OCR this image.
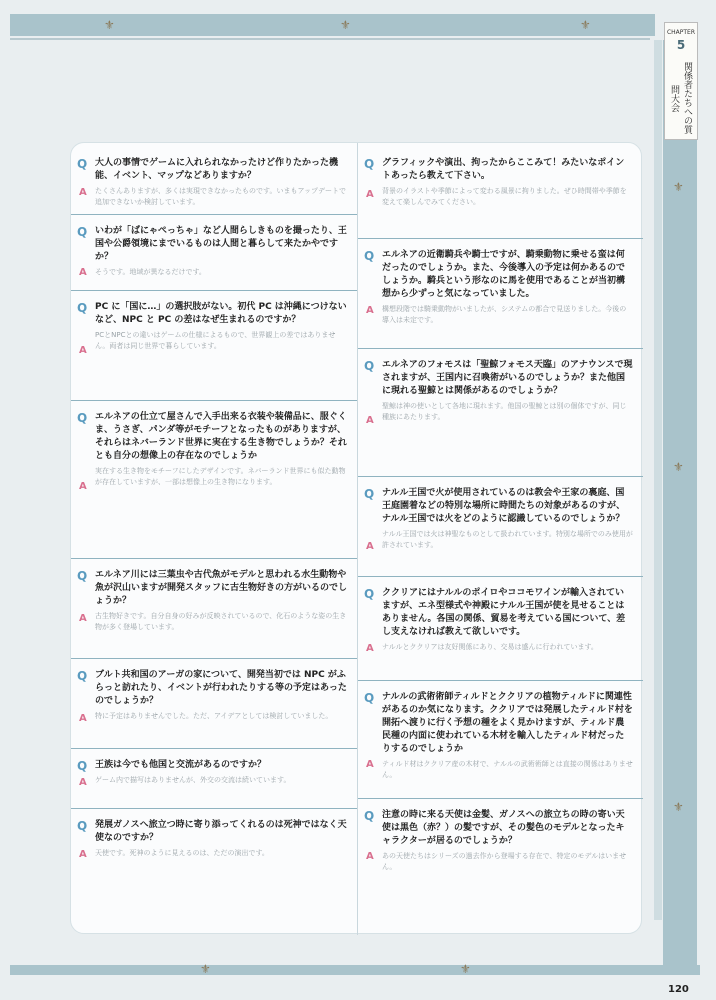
⚜	⚜	⚜
⚜
⚜
⚜
⚜	⚜
CHAPTER
5
関係者たちへの質問大会
Q 大人の事情でゲームに入れられなかったけど作りたかった機能、イベント、マップなどありますか？
A	たくさんありますが、多くは実現できなかったものです。いまもアップデートで追加できないか検討しています。
Q いわが「ばにゃぺっちゃ」など人間らしきものを撮ったり、王国や公爵領境にまでいるものは人間と暮らして来たかやですか？
A	そうです。地域が異なるだけです。
Q PC に「国に…」の選択肢がない。初代 PC は沖縄につけないなど、NPC と PC の差はなぜ生まれるのですか？
A
PCとNPCとの違いはゲームの仕様によるもので、世界観上の差ではありません。両者は同じ世界で暮らしています。
Q エルネアの仕立て屋さんで入手出来る衣装や装備品に、服ぐくま、うさぎ、パンダ等がモチーフとなったものがありますが、それらはネバーランド世界に実在する生き物でしょうか？それとも自分の想像上の存在なのでしょうか
A
実在する生き物をモチーフにしたデザインです。ネバーランド世界にも似た動物が存在していますが、一部は想像上の生き物になります。
Q エルネア川には三葉虫や古代魚がモデルと思われる水生動物や魚が沢山いますが開発スタッフに古生物好きの方がいるのでしょうか？
A	古生物好きです。自分自身の好みが反映されているので、化石のような姿の生き物が多く登場しています。
Q ブルト共和国のアーガの家について、開発当初では NPC がふらっと訪れたり、イベントが行われたりする等の予定はあったのでしょうか？
A	特に予定はありませんでした。ただ、アイデアとしては検討していました。
Q 王族は今でも他国と交流があるのですか？
A	ゲーム内で描写はありませんが、外交の交流は続いています。
Q 発展ガノスへ旅立つ時に寄り添ってくれるのは死神ではなく天使なのですか？
A	天使です。死神のように見えるのは、ただの演出です。
Q グラフィックや演出、拘ったからここみて！みたいなポイントあったら教えて下さい。
A	背景のイラストや季節によって変わる風景に拘りました。ぜひ時間帯や季節を変えて楽しんでみてください。
Q エルネアの近衛騎兵や騎士ですが、騎乗動物に乗せる蛮は何だったのでしょうか。また、今後導入の予定は何かあるのでしょうか。騎兵という形なのに馬を使用であることが当初構想から少ずっと気になっていました。
A	構想段階では騎乗動物がいましたが、システムの都合で見送りました。今後の導入は未定です。
Q エルネアのフォモスは「聖鯨フォモス天臨」のアナウンスで現されますが、王国内に召喚術がいるのでしょうか？また他国に現れる聖鯨とは関係があるのでしょうか？
A
聖鯨は神の使いとして各地に現れます。他国の聖鯨とは別の個体ですが、同じ種族にあたります。
Q ナルル王国で火が使用されているのは教会や王家の裏庭、国王庭園着などの特別な場所に時間たちの対象があるのすが、ナルル王国では火をどのように認識しているのでしょうか？
A
ナルル王国では火は神聖なものとして扱われています。特別な場所でのみ使用が許されています。
Q ククリアにはナルルのポイロやココモワインが輸入されていますが、エネ型様式や神殿にナルル王国が使を見せることはありません。各国の関係、貿易を考えている国について、差し支えなければ教えて欲しいです。
A	ナルルとククリアは友好関係にあり、交易は盛んに行われています。
Q ナルルの武術術師ティルドとククリアの植物ティルドに関連性があるのか気になります。ククリアでは発展したティルド村を開拓へ渡りに行く予想の種をよく見かけますが、ティルド農民種の内面に使われている木材を輸入したティルド材だったりするのでしょうか
A	ティルド材はククリア産の木材で、ナルルの武術術師とは直接の関係はありません。
Q 注意の時に来る天使は金髪、ガノスへの旅立ちの時の寄い天使は黒色（赤？）の髪ですが、その髪色のモデルとなったキャラクターが居るのでしょうか？
A	あの天使たちはシリーズの過去作から登場する存在で、特定のモデルはいません。
120
